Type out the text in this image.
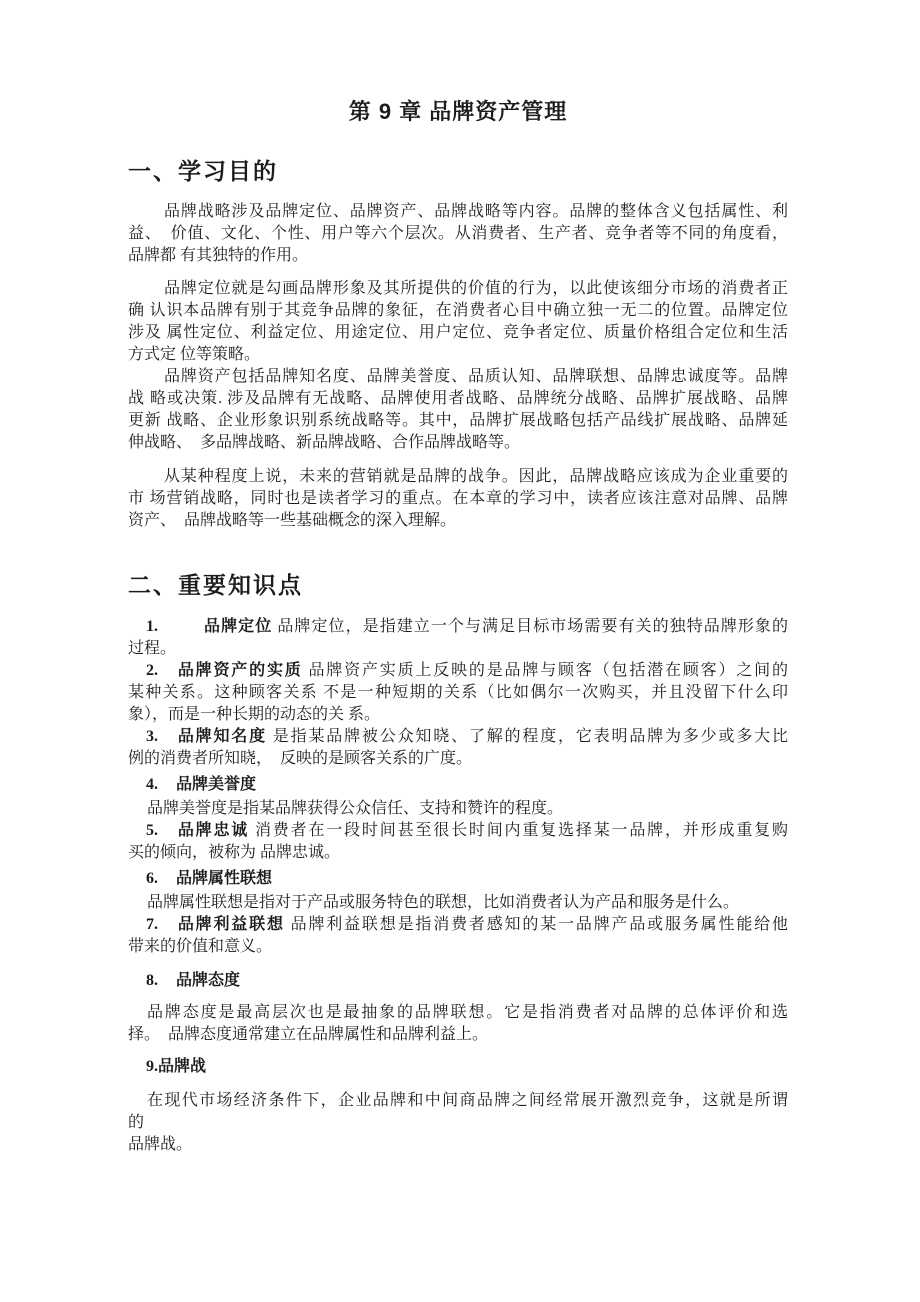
第 9 章 品牌资产管理
一、学习目的
品牌战略涉及品牌定位、品牌资产、品牌战略等内容。品牌的整体含义包括属性、利
益、  价值、文化、个性、用户等六个层次。从消费者、生产者、竞争者等不同的角度看，
品牌都 有其独特的作用。
品牌定位就是勾画品牌形象及其所提供的价值的行为，以此使该细分市场的消费者正
确 认识本品牌有别于其竞争品牌的象征，在消费者心目中确立独一无二的位置。品牌定位
涉及 属性定位、利益定位、用途定位、用户定位、竞争者定位、质量价格组合定位和生活
方式定 位等策略。
品牌资产包括品牌知名度、品牌美誉度、品质认知、品牌联想、品牌忠诚度等。品牌
战 略或决策. 涉及品牌有无战略、品牌使用者战略、品牌统分战略、品牌扩展战略、品牌
更新 战略、企业形象识别系统战略等。其中，品牌扩展战略包括产品线扩展战略、品牌延
伸战略、  多品牌战略、新品牌战略、合作品牌战略等。
从某种程度上说，未来的营销就是品牌的战争。因此，品牌战略应该成为企业重要的
市 场营销战略，同时也是读者学习的重点。在本章的学习中，读者应该注意对品牌、品牌
资产、  品牌战略等一些基础概念的深入理解。
二、重要知识点
1.	品牌定位 品牌定位，是指建立一个与满足目标市场需要有关的独特品牌形象的
过程。
2. 品牌资产的实质 品牌资产实质上反映的是品牌与顾客（包括潜在顾客）之间的
某种关系。这种顾客关系 不是一种短期的关系（比如偶尔一次购买，并且没留下什么印
象），而是一种长期的动态的关 系。
3. 品牌知名度 是指某品牌被公众知晓、了解的程度，它表明品牌为多少或多大比
例的消费者所知晓，  反映的是顾客关系的广度。
4. 品牌美誉度
品牌美誉度是指某品牌获得公众信任、支持和赞许的程度。
5. 品牌忠诚 消费者在一段时间甚至很长时间内重复选择某一品牌，并形成重复购
买的倾向，被称为 品牌忠诚。
6. 品牌属性联想
品牌属性联想是指对于产品或服务特色的联想，比如消费者认为产品和服务是什么。
7. 品牌利益联想 品牌利益联想是指消费者感知的某一品牌产品或服务属性能给他
带来的价值和意义。
8. 品牌态度
品牌态度是最高层次也是最抽象的品牌联想。它是指消费者对品牌的总体评价和选
择。  品牌态度通常建立在品牌属性和品牌利益上。
9.品牌战
在现代市场经济条件下，企业品牌和中间商品牌之间经常展开激烈竞争，这就是所谓
的
品牌战。
